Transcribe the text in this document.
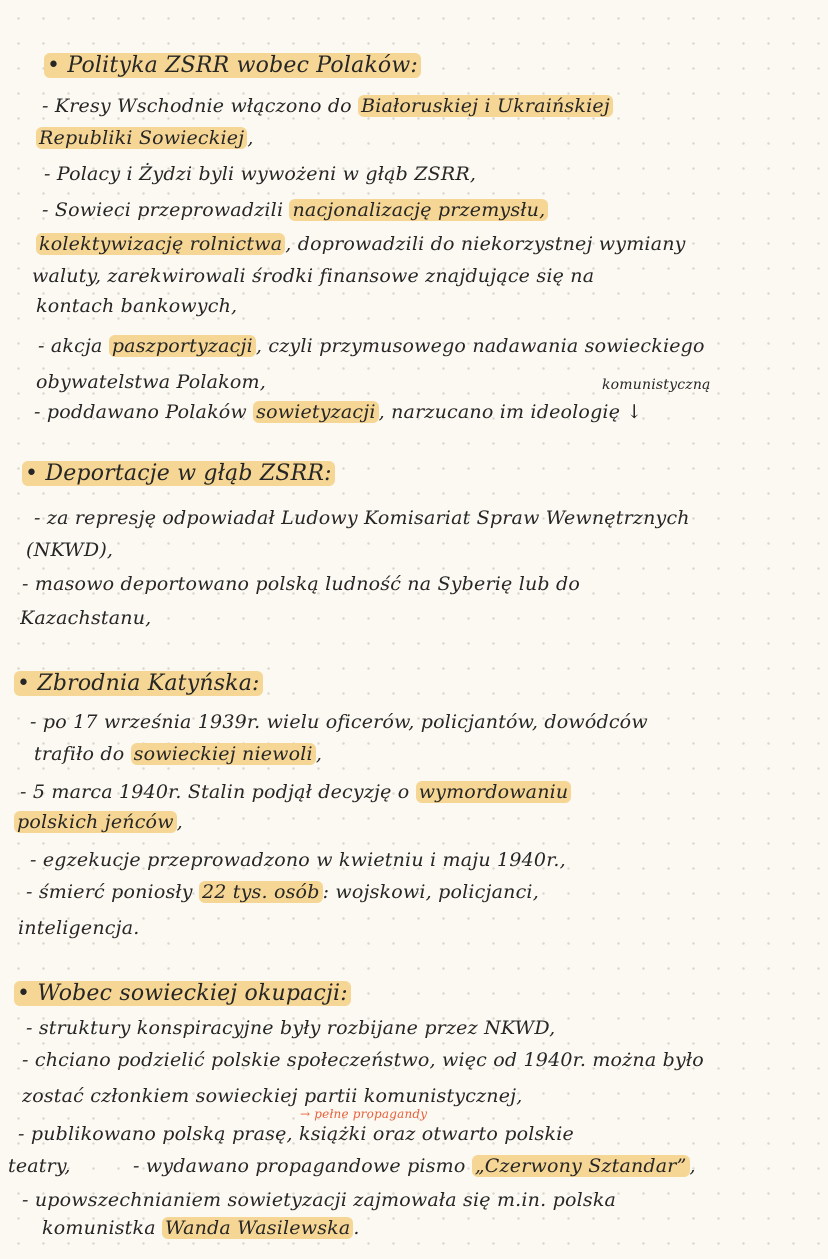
• Polityka ZSRR wobec Polaków:
- Kresy Wschodnie włączono do Białoruskiej i Ukraińskiej
Republiki Sowieckiej ,
- Polacy i Żydzi byli wywożeni w głąb ZSRR,
- Sowieci przeprowadzili nacjonalizację przemysłu,
kolektywizację rolnictwa , doprowadzili do niekorzystnej wymiany
waluty, zarekwirowali środki finansowe znajdujące się na
kontach bankowych,
- akcja paszportyzacji , czyli przymusowego nadawania sowieckiego
obywatelstwa Polakom,	komunistyczną
- poddawano Polaków sowietyzacji , narzucano im ideologię ↓
• Deportacje w głąb ZSRR:
- za represję odpowiadał Ludowy Komisariat Spraw Wewnętrznych
(NKWD),
- masowo deportowano polską ludność na Syberię lub do
Kazachstanu,
• Zbrodnia Katyńska:
- po 17 września 1939r. wielu oficerów, policjantów, dowódców
trafiło do sowieckiej niewoli ,
- 5 marca 1940r. Stalin podjął decyzję o wymordowaniu
polskich jeńców ,
- egzekucje przeprowadzono w kwietniu i maju 1940r.,
- śmierć poniosły 22 tys. osób : wojskowi, policjanci,
inteligencja.
• Wobec sowieckiej okupacji:
- struktury konspiracyjne były rozbijane przez NKWD,
- chciano podzielić polskie społeczeństwo, więc od 1940r. można było
zostać członkiem sowieckiej partii komunistycznej,
→ pełne propagandy
- publikowano polską prasę, książki oraz otwarto polskie
teatry,          - wydawano propagandowe pismo „Czerwony Sztandar” ,
- upowszechnianiem sowietyzacji zajmowała się m.in. polska
komunistka Wanda Wasilewska .
